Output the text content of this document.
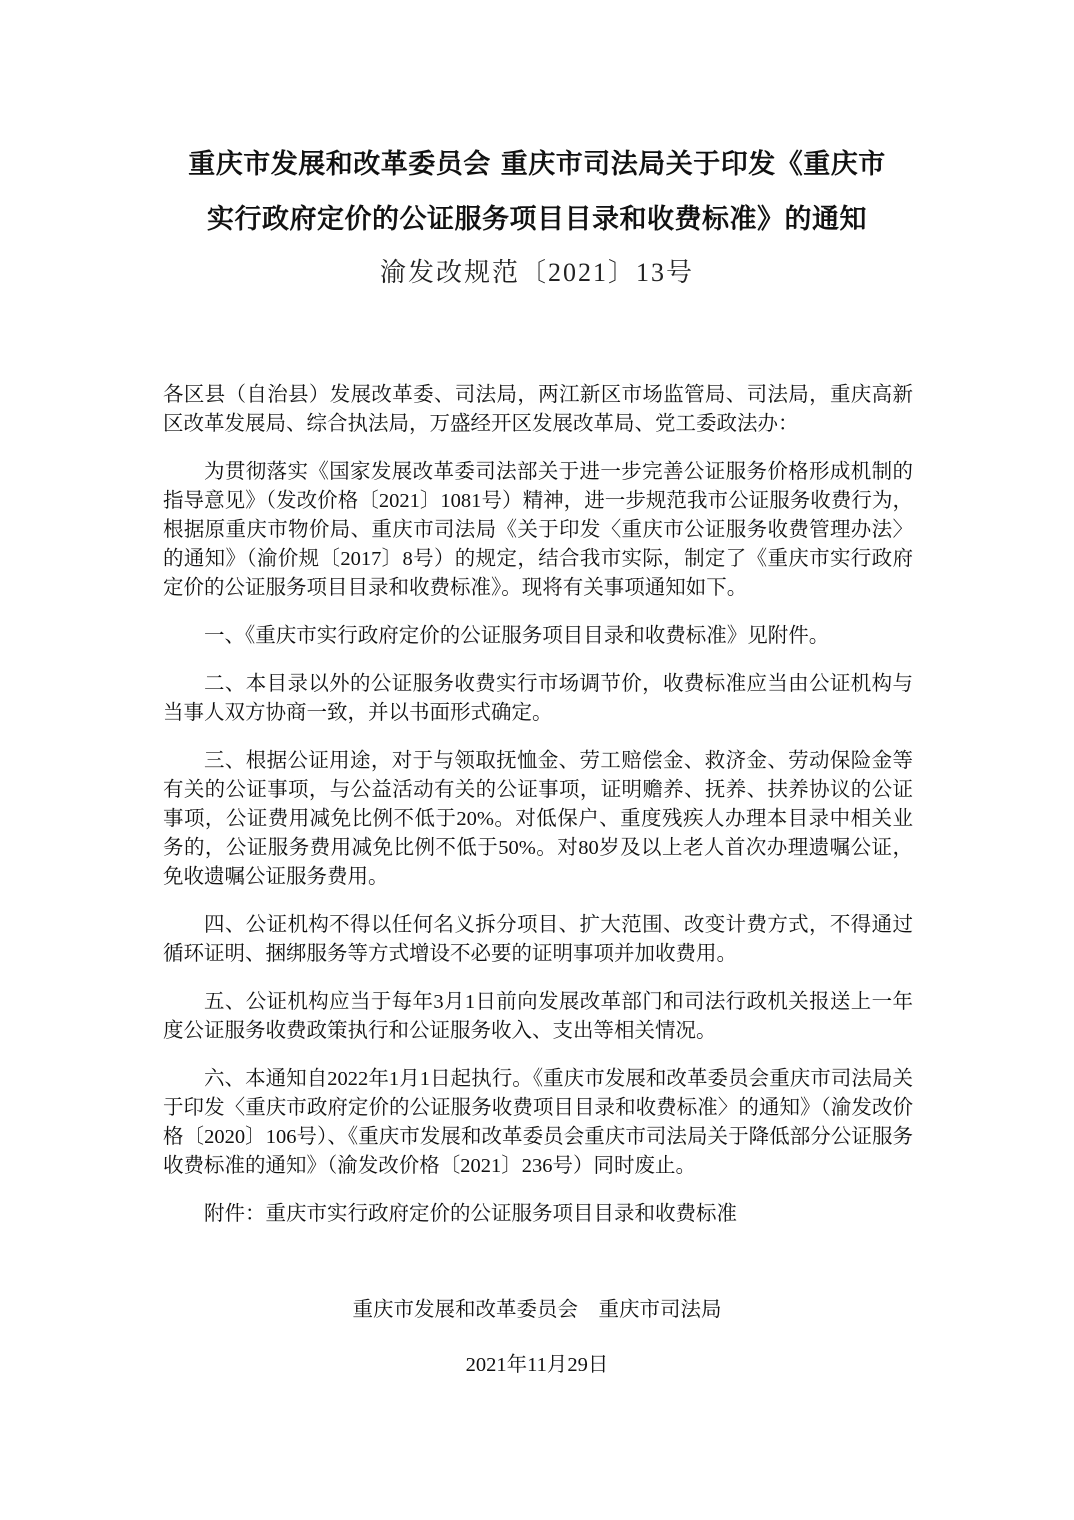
重庆市发展和改革委员会 重庆市司法局关于印发《重庆市
实行政府定价的公证服务项目目录和收费标准》的通知
渝发改规范〔2021〕13号

各区县（自治县）发展改革委、司法局，两江新区市场监管局、司法局，重庆高新区改革发展局、综合执法局，万盛经开区发展改革局、党工委政法办：

为贯彻落实《国家发展改革委司法部关于进一步完善公证服务价格形成机制的指导意见》（发改价格〔2021〕1081号）精神，进一步规范我市公证服务收费行为，根据原重庆市物价局、重庆市司法局《关于印发〈重庆市公证服务收费管理办法〉的通知》（渝价规〔2017〕8号）的规定，结合我市实际，制定了《重庆市实行政府定价的公证服务项目目录和收费标准》。现将有关事项通知如下。

一、《重庆市实行政府定价的公证服务项目目录和收费标准》见附件。

二、本目录以外的公证服务收费实行市场调节价，收费标准应当由公证机构与当事人双方协商一致，并以书面形式确定。

三、根据公证用途，对于与领取抚恤金、劳工赔偿金、救济金、劳动保险金等有关的公证事项，与公益活动有关的公证事项，证明赡养、抚养、扶养协议的公证事项，公证费用减免比例不低于20%。对低保户、重度残疾人办理本目录中相关业务的，公证服务费用减免比例不低于50%。对80岁及以上老人首次办理遗嘱公证，免收遗嘱公证服务费用。

四、公证机构不得以任何名义拆分项目、扩大范围、改变计费方式，不得通过循环证明、捆绑服务等方式增设不必要的证明事项并加收费用。

五、公证机构应当于每年3月1日前向发展改革部门和司法行政机关报送上一年度公证服务收费政策执行和公证服务收入、支出等相关情况。

六、本通知自2022年1月1日起执行。《重庆市发展和改革委员会重庆市司法局关于印发〈重庆市政府定价的公证服务收费项目目录和收费标准〉的通知》（渝发改价格〔2020〕106号）、《重庆市发展和改革委员会重庆市司法局关于降低部分公证服务收费标准的通知》（渝发改价格〔2021〕236号）同时废止。

附件：重庆市实行政府定价的公证服务项目目录和收费标准

重庆市发展和改革委员会　重庆市司法局
2021年11月29日
